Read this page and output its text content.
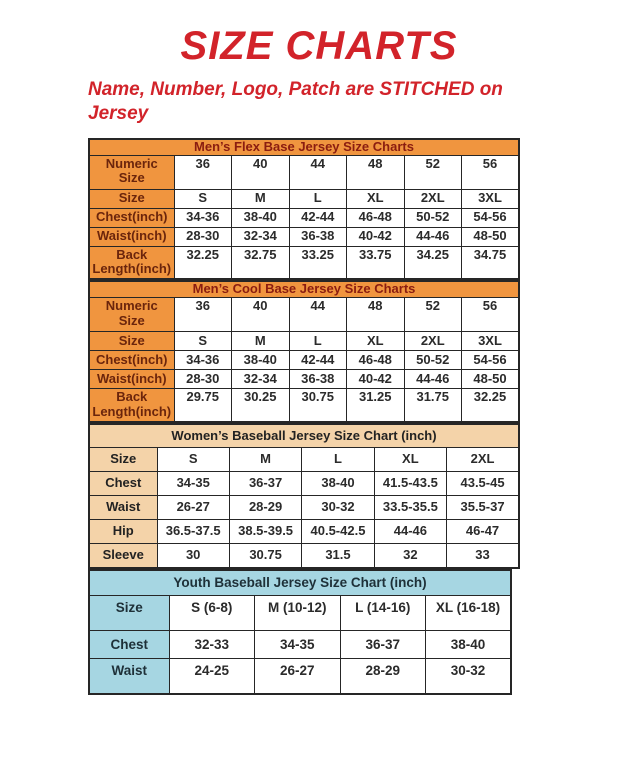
SIZE CHARTS
Name, Number, Logo, Patch are STITCHED on Jersey
Men’s Flex Base Jersey Size Charts						
Numeric Size	36	40	44	48	52	56
Size	S	M	L	XL	2XL	3XL
Chest(inch)	34-36	38-40	42-44	46-48	50-52	54-56
Waist(inch)	28-30	32-34	36-38	40-42	44-46	48-50
Back Length(inch)	32.25	32.75	33.25	33.75	34.25	34.75
Men’s Cool Base Jersey Size Charts						
Numeric Size	36	40	44	48	52	56
Size	S	M	L	XL	2XL	3XL
Chest(inch)	34-36	38-40	42-44	46-48	50-52	54-56
Waist(inch)	28-30	32-34	36-38	40-42	44-46	48-50
Back Length(inch)	29.75	30.25	30.75	31.25	31.75	32.25
Women’s Baseball Jersey Size Chart (inch)					
Size	S	M	L	XL	2XL
Chest	34-35	36-37	38-40	41.5-43.5	43.5-45
Waist	26-27	28-29	30-32	33.5-35.5	35.5-37
Hip	36.5-37.5	38.5-39.5	40.5-42.5	44-46	46-47
Sleeve	30	30.75	31.5	32	33
Youth Baseball Jersey Size Chart (inch)				
Size	S (6-8)	M (10-12)	L (14-16)	XL (16-18)
Chest	32-33	34-35	36-37	38-40
Waist	24-25	26-27	28-29	30-32
